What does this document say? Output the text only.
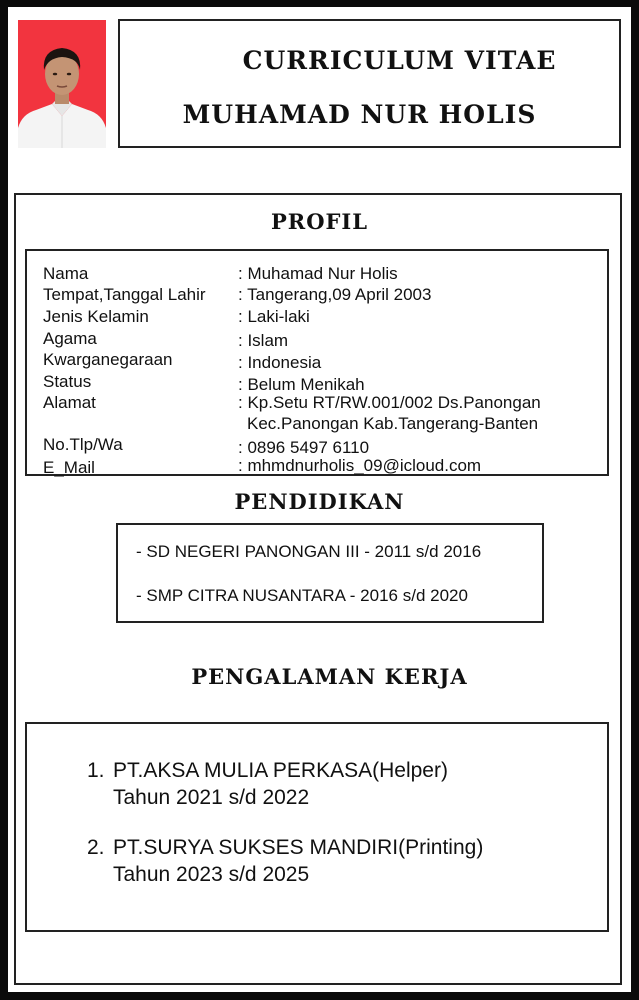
CURRICULUM VITAE
MUHAMAD NUR HOLIS
PROFIL
Nama	: Muhamad Nur Holis
Tempat,Tanggal Lahir : Tangerang,09 April 2003
Jenis Kelamin	: Laki-laki
Agama	: Islam
Kwarganegaraan	: Indonesia
Status	: Belum Menikah
Alamat	: Kp.Setu RT/RW.001/002 Ds.Panongan
Kec.Panongan Kab.Tangerang-Banten
No.Tlp/Wa	: 0896 5497 6110
E_Mail	: mhmdnurholis_09@icloud.com
PENDIDIKAN
- SD NEGERI PANONGAN III - 2011 s/d 2016
- SMP CITRA NUSANTARA - 2016 s/d 2020
PENGALAMAN KERJA
1. PT.AKSA MULIA PERKASA(Helper)
Tahun 2021 s/d 2022
2. PT.SURYA SUKSES MANDIRI(Printing)
Tahun 2023 s/d 2025
